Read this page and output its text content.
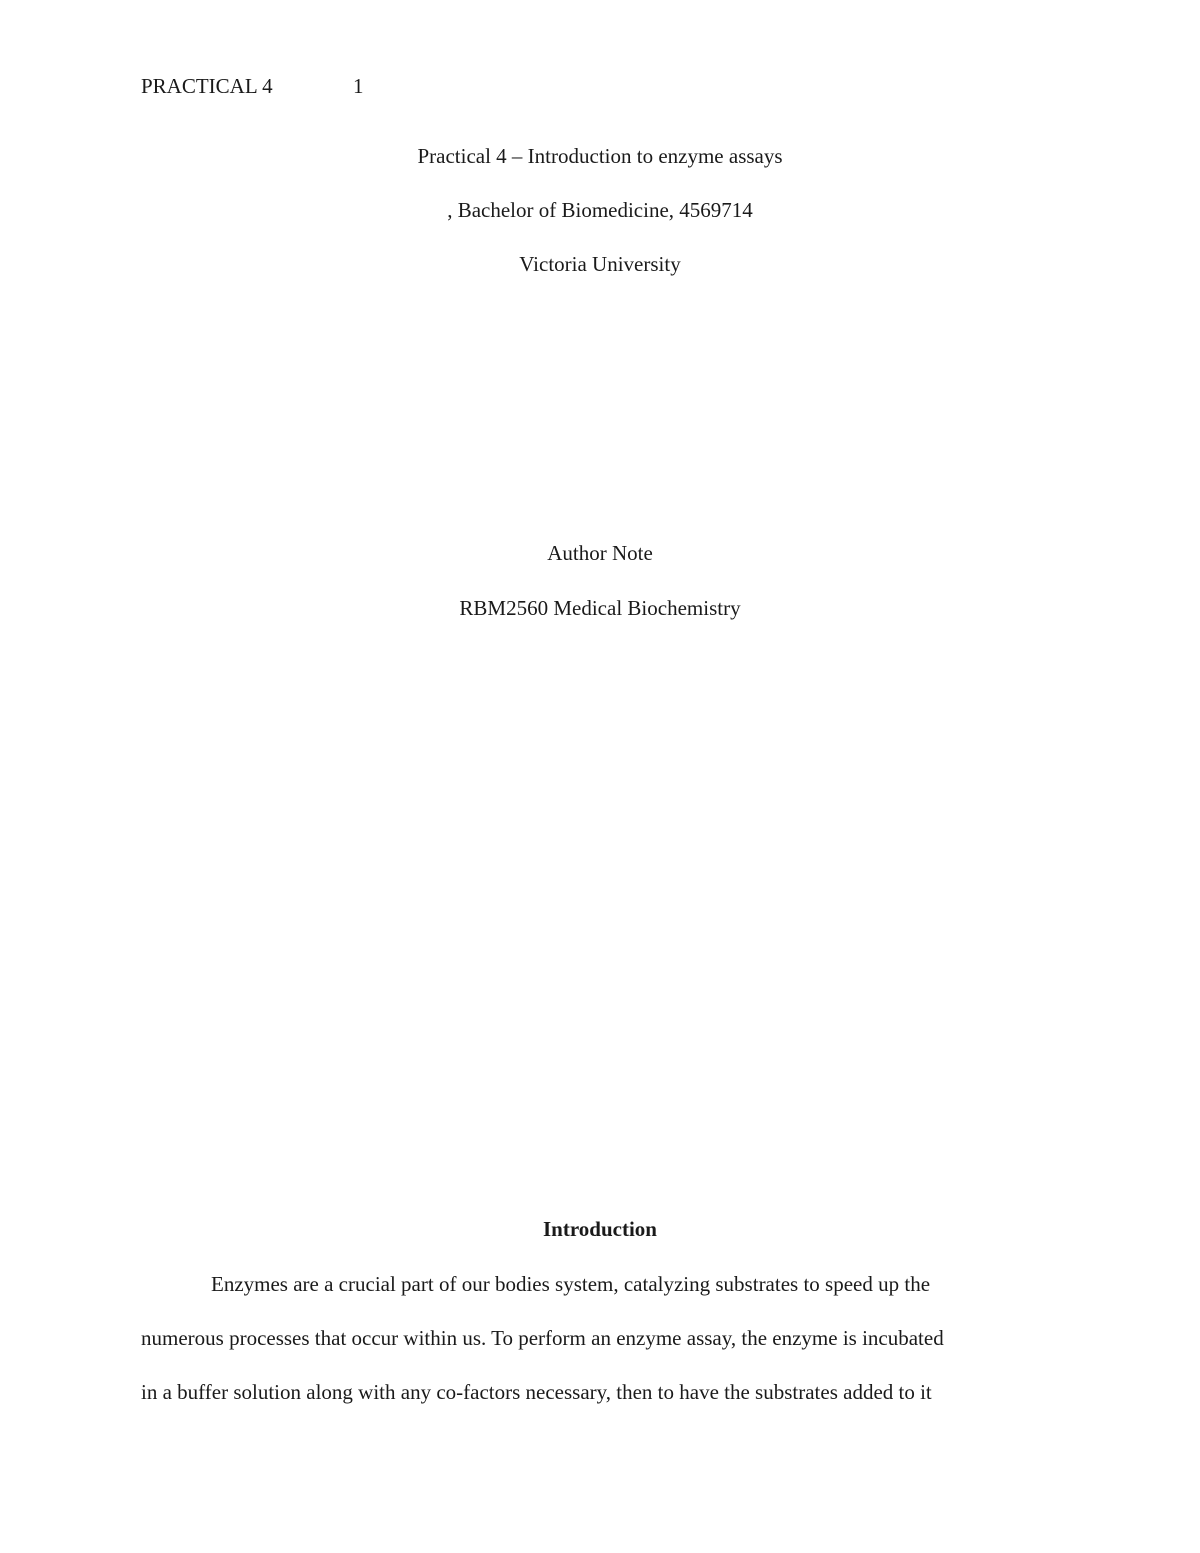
PRACTICAL 4	1
Practical 4 – Introduction to enzyme assays
, Bachelor of Biomedicine, 4569714
Victoria University
Author Note
RBM2560 Medical Biochemistry
Introduction
Enzymes are a crucial part of our bodies system, catalyzing substrates to speed up the
numerous processes that occur within us. To perform an enzyme assay, the enzyme is incubated
in a buffer solution along with any co-factors necessary, then to have the substrates added to it
